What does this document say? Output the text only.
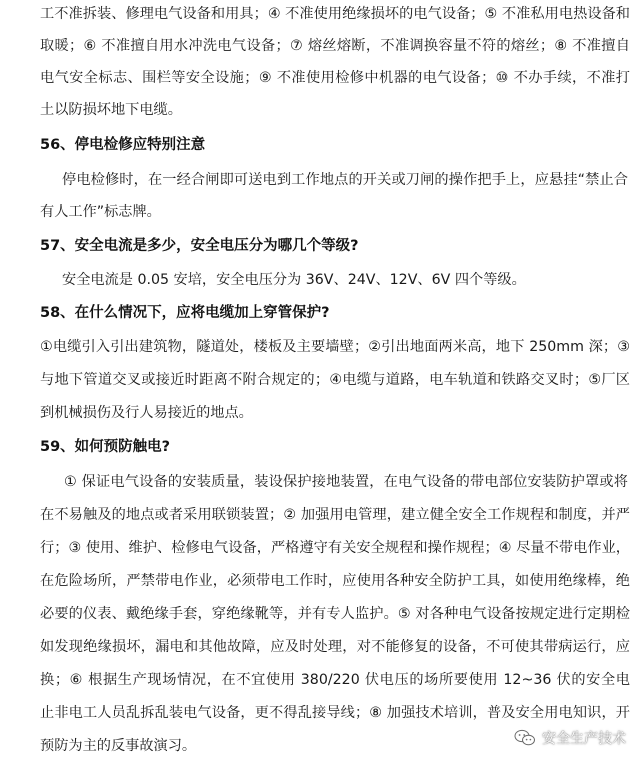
工不准拆装、修理电气设备和用具；④ 不准使用绝缘损坏的电气设备；⑤ 不准私用电热设备和
取暖；⑥ 不准擅自用水冲洗电气设备；⑦ 熔丝熔断，不准调换容量不符的熔丝；⑧ 不准擅自
电气安全标志、围栏等安全设施；⑨ 不准使用检修中机器的电气设备；⑩ 不办手续，不准打
土以防损坏地下电缆。
56、停电检修应特别注意
停电检修时，在一经合闸即可送电到工作地点的开关或刀闸的操作把手上，应悬挂“禁止合
有人工作”标志牌。
57、安全电流是多少，安全电压分为哪几个等级?
安全电流是 0.05 安培，安全电压分为 36V、24V、12V、6V 四个等级。
58、在什么情况下，应将电缆加上穿管保护?
①电缆引入引出建筑物，隧道处，楼板及主要墙壁；②引出地面两米高，地下 250mm 深；③
与地下管道交叉或接近时距离不附合规定的；④电缆与道路，电车轨道和铁路交叉时；⑤厂区
到机械损伤及行人易接近的地点。
59、如何预防触电?
① 保证电气设备的安装质量，装设保护接地装置，在电气设备的带电部位安装防护罩或将
在不易触及的地点或者采用联锁装置；② 加强用电管理，建立健全安全工作规程和制度，并严
行；③ 使用、维护、检修电气设备，严格遵守有关安全规程和操作规程；④ 尽量不带电作业，
在危险场所，严禁带电作业，必须带电工作时，应使用各种安全防护工具，如使用绝缘棒，绝
必要的仪表、戴绝缘手套，穿绝缘靴等，并有专人监护。⑤ 对各种电气设备按规定进行定期检
如发现绝缘损坏，漏电和其他故障，应及时处理，对不能修复的设备，不可使其带病运行，应
换；⑥ 根据生产现场情况，在不宜使用 380/220 伏电压的场所要使用 12~36 伏的安全电
止非电工人员乱拆乱装电气设备，更不得乱接导线；⑧ 加强技术培训，普及安全用电知识，开
预防为主的反事故演习。	安全生产技术
